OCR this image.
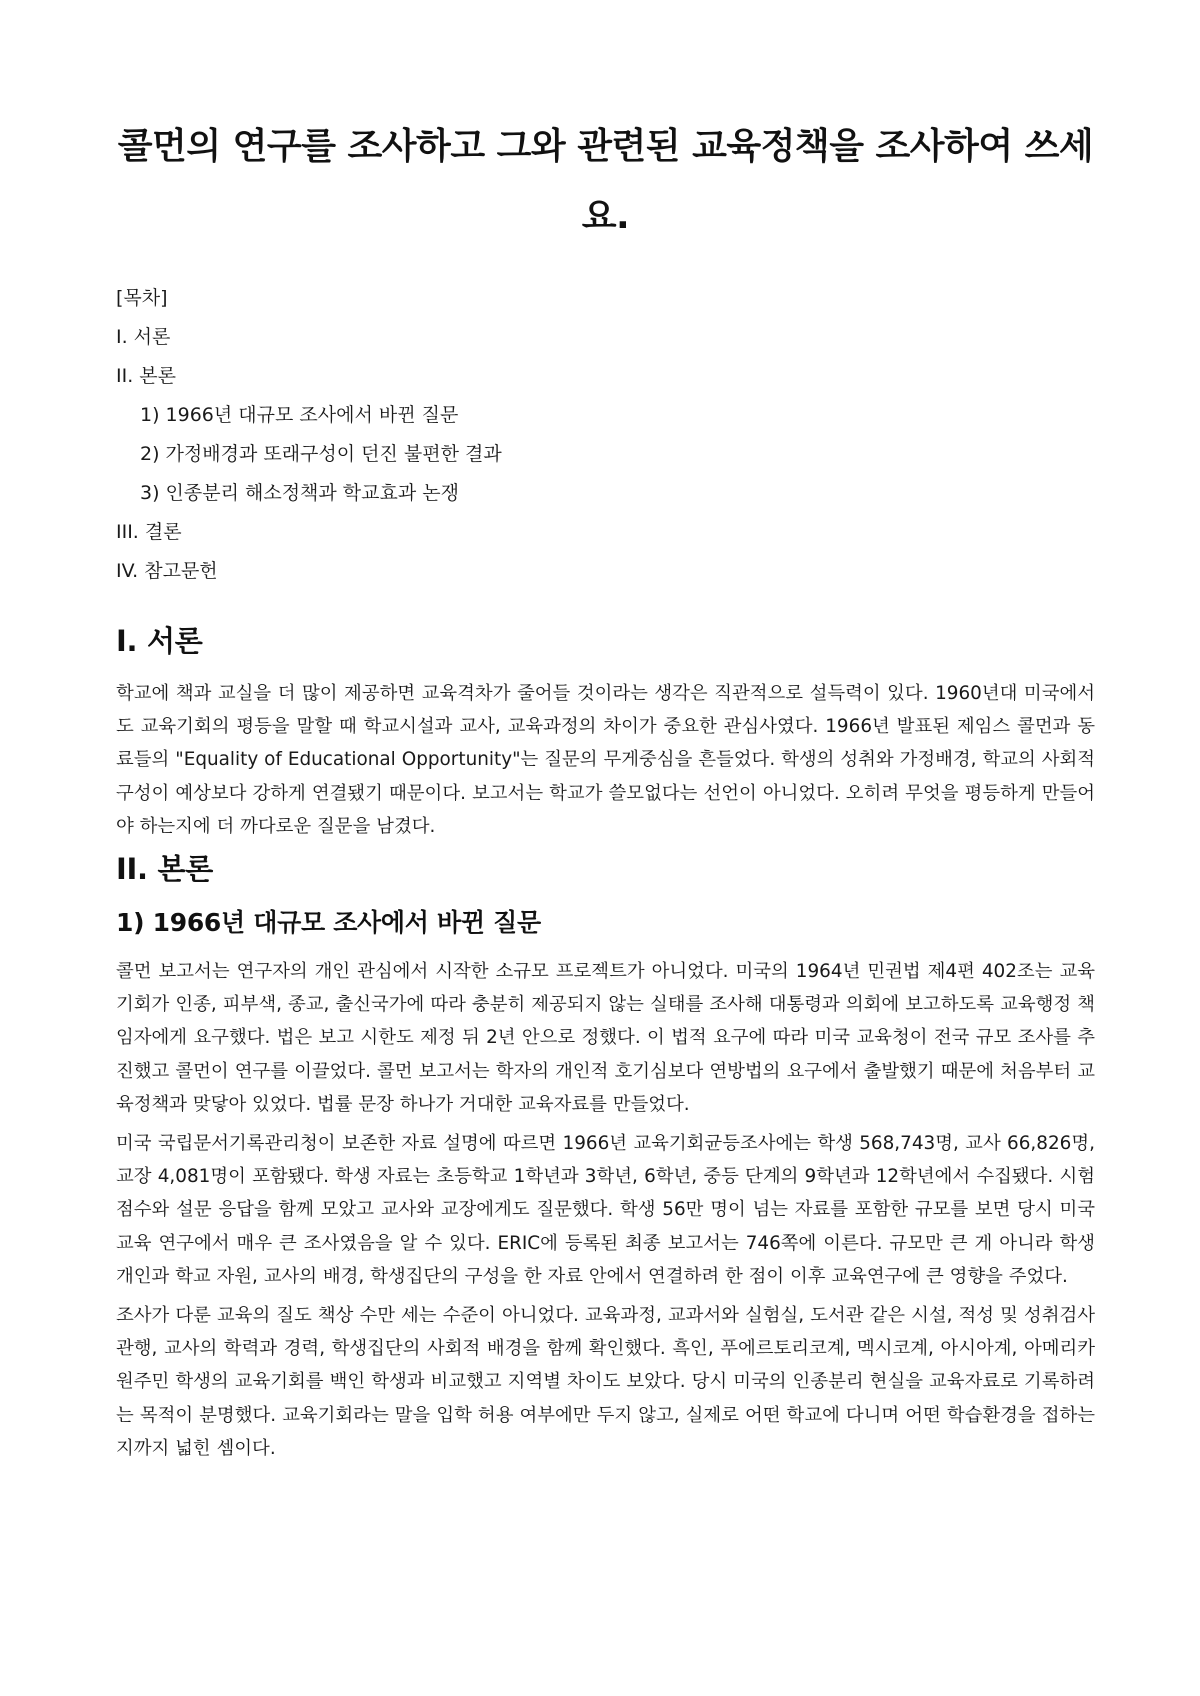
콜먼의 연구를 조사하고 그와 관련된 교육정책을 조사하여 쓰세요.
[목차]
I. 서론
II. 본론
1) 1966년 대규모 조사에서 바뀐 질문
2) 가정배경과 또래구성이 던진 불편한 결과
3) 인종분리 해소정책과 학교효과 논쟁
III. 결론
IV. 참고문헌
I. 서론

학교에 책과 교실을 더 많이 제공하면 교육격차가 줄어들 것이라는 생각은 직관적으로 설득력이 있다. 1960년대 미국에서도 교육기회의 평등을 말할 때 학교시설과 교사, 교육과정의 차이가 중요한 관심사였다. 1966년 발표된 제임스 콜먼과 동료들의 "Equality of Educational Opportunity"는 질문의 무게중심을 흔들었다. 학생의 성취와 가정배경, 학교의 사회적 구성이 예상보다 강하게 연결됐기 때문이다. 보고서는 학교가 쓸모없다는 선언이 아니었다. 오히려 무엇을 평등하게 만들어야 하는지에 더 까다로운 질문을 남겼다.

II. 본론
1) 1966년 대규모 조사에서 바뀐 질문

콜먼 보고서는 연구자의 개인 관심에서 시작한 소규모 프로젝트가 아니었다. 미국의 1964년 민권법 제4편 402조는 교육기회가 인종, 피부색, 종교, 출신국가에 따라 충분히 제공되지 않는 실태를 조사해 대통령과 의회에 보고하도록 교육행정 책임자에게 요구했다. 법은 보고 시한도 제정 뒤 2년 안으로 정했다. 이 법적 요구에 따라 미국 교육청이 전국 규모 조사를 추진했고 콜먼이 연구를 이끌었다. 콜먼 보고서는 학자의 개인적 호기심보다 연방법의 요구에서 출발했기 때문에 처음부터 교육정책과 맞닿아 있었다. 법률 문장 하나가 거대한 교육자료를 만들었다.

미국 국립문서기록관리청이 보존한 자료 설명에 따르면 1966년 교육기회균등조사에는 학생 568,743명, 교사 66,826명, 교장 4,081명이 포함됐다. 학생 자료는 초등학교 1학년과 3학년, 6학년, 중등 단계의 9학년과 12학년에서 수집됐다. 시험점수와 설문 응답을 함께 모았고 교사와 교장에게도 질문했다. 학생 56만 명이 넘는 자료를 포함한 규모를 보면 당시 미국 교육 연구에서 매우 큰 조사였음을 알 수 있다. ERIC에 등록된 최종 보고서는 746쪽에 이른다. 규모만 큰 게 아니라 학생 개인과 학교 자원, 교사의 배경, 학생집단의 구성을 한 자료 안에서 연결하려 한 점이 이후 교육연구에 큰 영향을 주었다.

조사가 다룬 교육의 질도 책상 수만 세는 수준이 아니었다. 교육과정, 교과서와 실험실, 도서관 같은 시설, 적성 및 성취검사 관행, 교사의 학력과 경력, 학생집단의 사회적 배경을 함께 확인했다. 흑인, 푸에르토리코계, 멕시코계, 아시아계, 아메리카 원주민 학생의 교육기회를 백인 학생과 비교했고 지역별 차이도 보았다. 당시 미국의 인종분리 현실을 교육자료로 기록하려는 목적이 분명했다. 교육기회라는 말을 입학 허용 여부에만 두지 않고, 실제로 어떤 학교에 다니며 어떤 학습환경을 접하는지까지 넓힌 셈이다.
